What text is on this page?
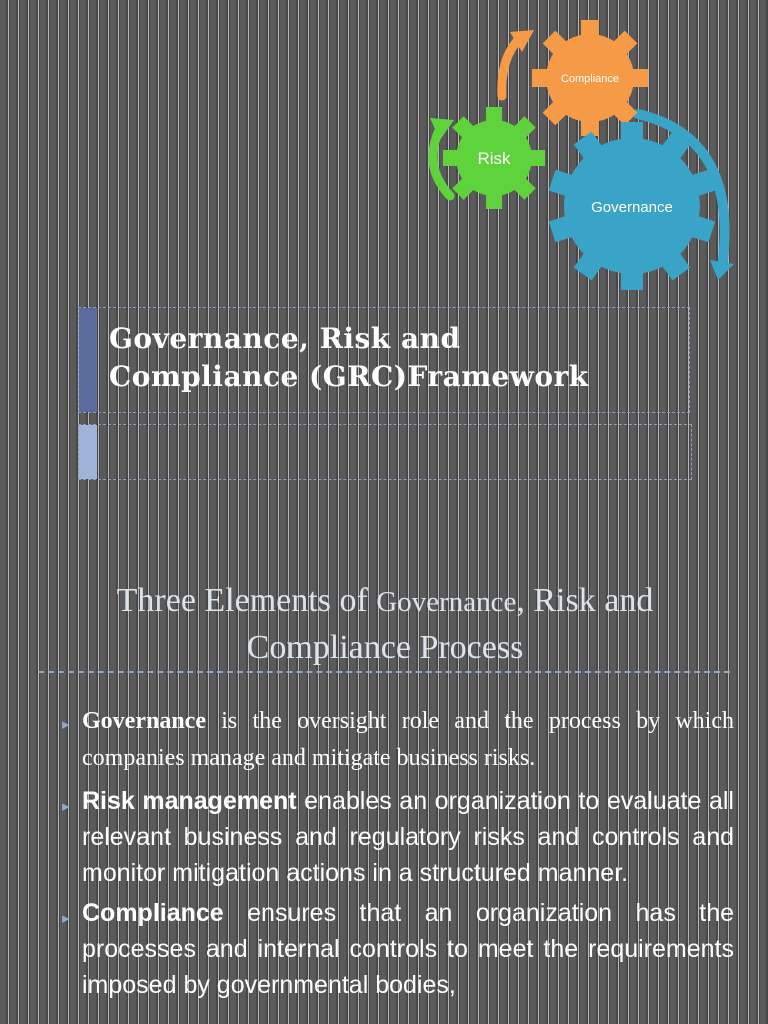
Compliance
Risk
Governance
Governance, Risk and
Compliance (GRC)Framework
Three Elements of Governance, Risk and
Compliance Process
▸ Governance is the oversight role and the process by which companies manage and mitigate business risks.
▸ Risk management enables an organization to evaluate all relevant business and regulatory risks and controls and monitor mitigation actions in a structured manner.
▸ Compliance ensures that an organization has the processes and internal controls to meet the requirements imposed by governmental bodies,
